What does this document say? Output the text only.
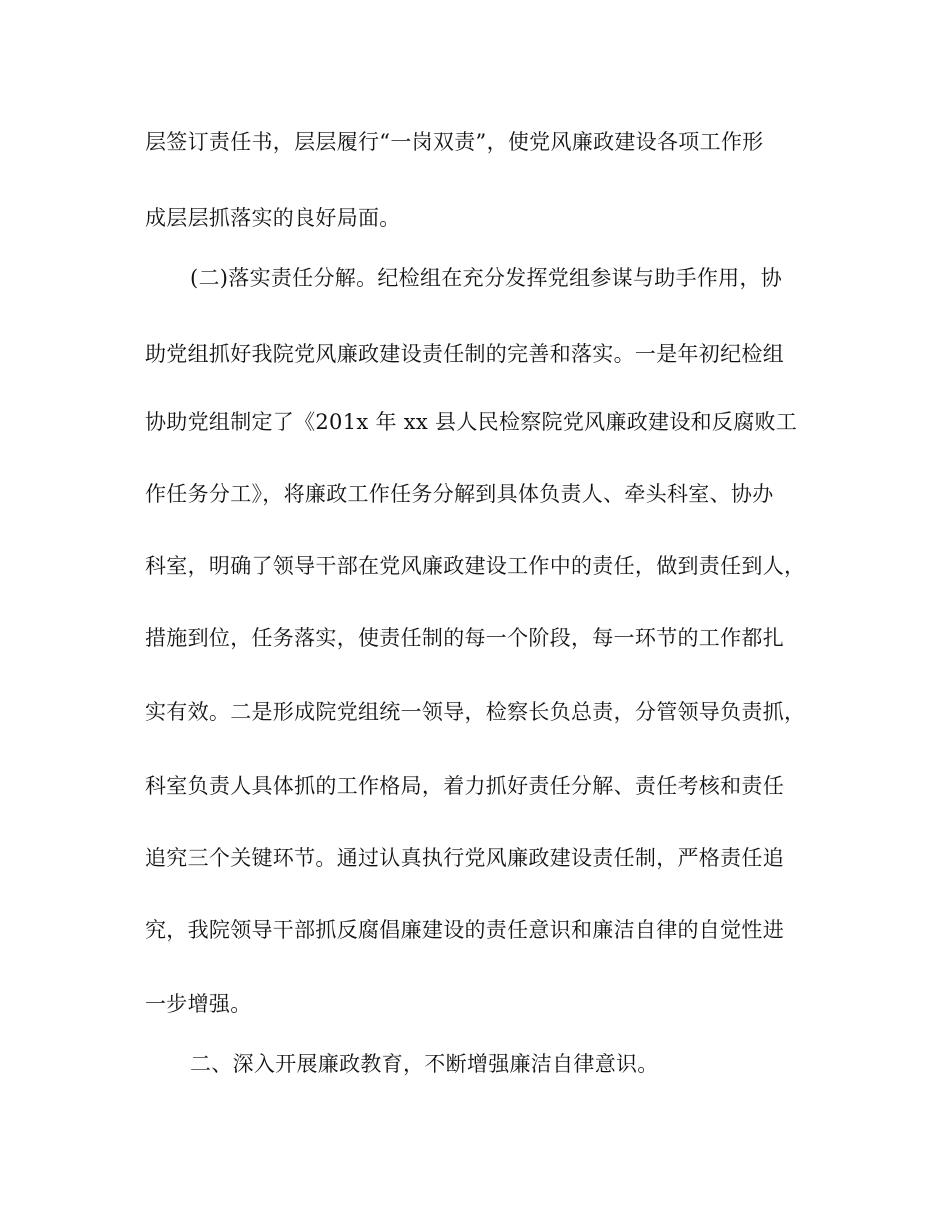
层签订责任书，层层履行“一岗双责”，使党风廉政建设各项工作形
成层层抓落实的良好局面。
(二)落实责任分解。纪检组在充分发挥党组参谋与助手作用，协
助党组抓好我院党风廉政建设责任制的完善和落实。一是年初纪检组
协助党组制定了《201x 年 xx 县人民检察院党风廉政建设和反腐败工
作任务分工》，将廉政工作任务分解到具体负责人、牵头科室、协办
科室，明确了领导干部在党风廉政建设工作中的责任，做到责任到人，
措施到位，任务落实，使责任制的每一个阶段，每一环节的工作都扎
实有效。二是形成院党组统一领导，检察长负总责，分管领导负责抓，
科室负责人具体抓的工作格局，着力抓好责任分解、责任考核和责任
追究三个关键环节。通过认真执行党风廉政建设责任制，严格责任追
究，我院领导干部抓反腐倡廉建设的责任意识和廉洁自律的自觉性进
一步增强。
二、深入开展廉政教育，不断增强廉洁自律意识。
